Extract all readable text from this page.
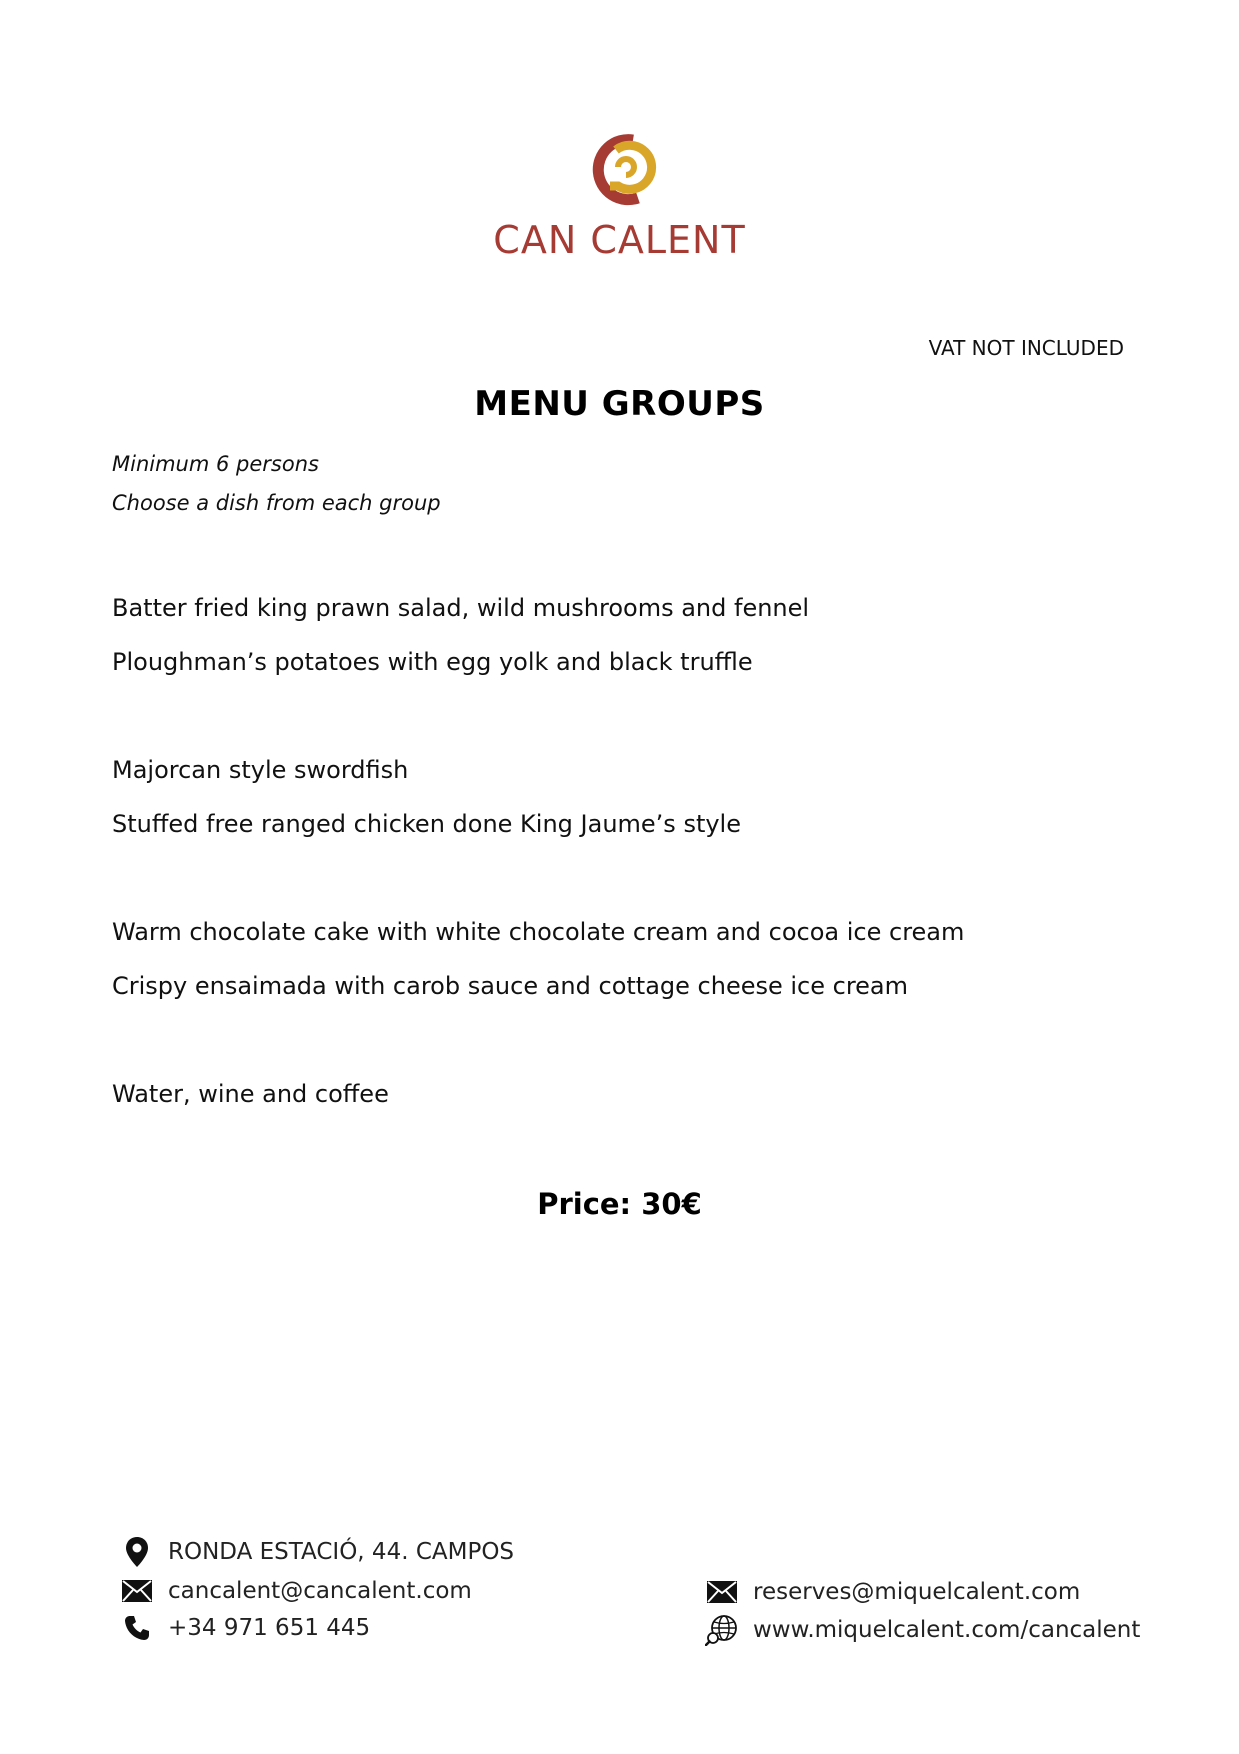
CAN CALENT
VAT NOT INCLUDED
MENU GROUPS
Minimum 6 persons
Choose a dish from each group
Batter fried king prawn salad, wild mushrooms and fennel
Ploughman’s potatoes with egg yolk and black truffle
Majorcan style swordfish
Stuffed free ranged chicken done King Jaume’s style
Warm chocolate cake with white chocolate cream and cocoa ice cream
Crispy ensaimada with carob sauce and cottage cheese ice cream
Water, wine and coffee
Price: 30€
RONDA ESTACIÓ, 44. CAMPOS
cancalent@cancalent.com
+34 971 651 445
reserves@miquelcalent.com
www.miquelcalent.com/cancalent
